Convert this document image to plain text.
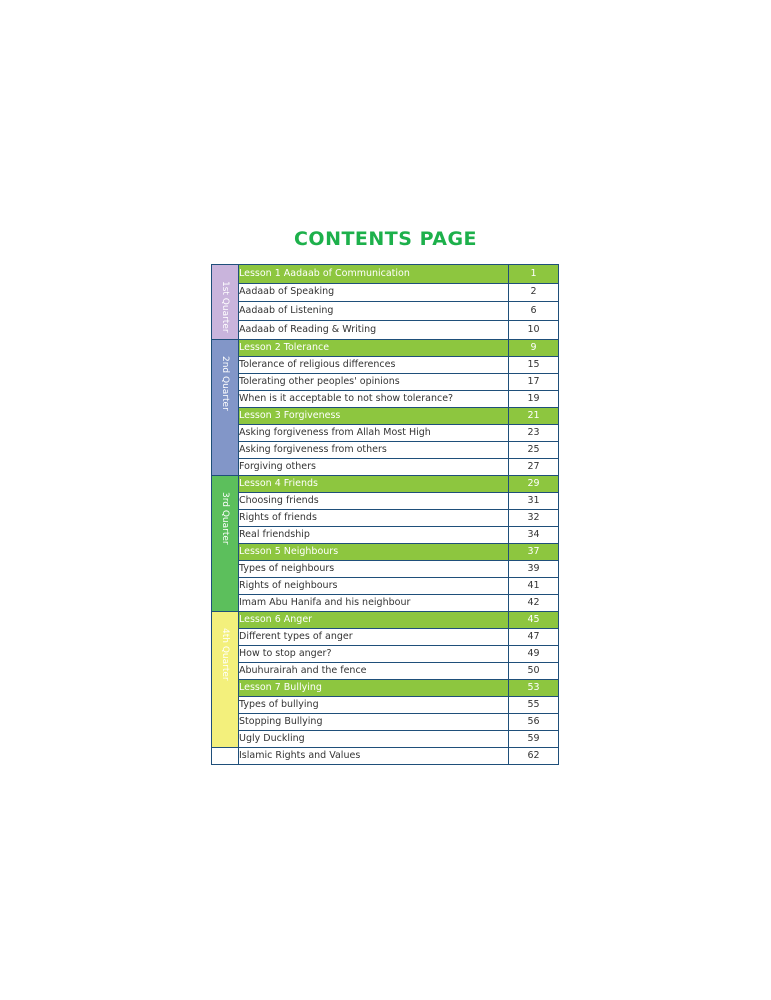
CONTENTS PAGE
1st Quarter	Lesson 1 Aadaab of Communication	1
	Aadaab of Speaking	2
	Aadaab of Listening	6
	Aadaab of Reading & Writing	10
2nd Quarter	Lesson 2 Tolerance	9
	Tolerance of religious differences	15
	Tolerating other peoples' opinions	17
	When is it acceptable to not show tolerance?	19
	Lesson 3 Forgiveness	21
	Asking forgiveness from Allah Most High	23
	Asking forgiveness from others	25
	Forgiving others	27
3rd Quarter	Lesson 4 Friends	29
	Choosing friends	31
	Rights of friends	32
	Real friendship	34
	Lesson 5 Neighbours	37
	Types of neighbours	39
	Rights of neighbours	41
	Imam Abu Hanifa and his neighbour	42
4th Quarter	Lesson 6 Anger	45
	Different types of anger	47
	How to stop anger?	49
	Abuhurairah and the fence	50
	Lesson 7 Bullying	53
	Types of bullying	55
	Stopping Bullying	56
	Ugly Duckling	59
	Islamic Rights and Values	62
